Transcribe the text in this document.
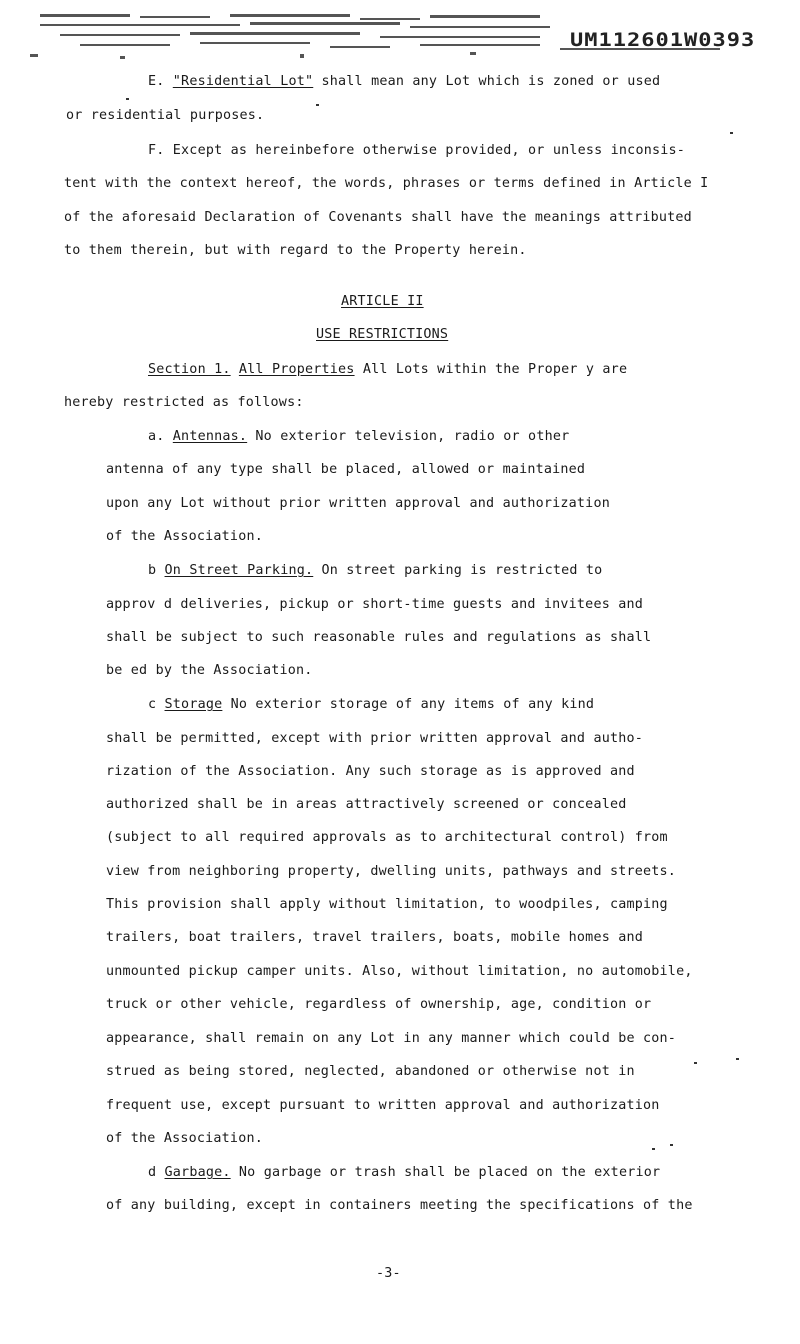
UM112601W0393
E. "Residential Lot" shall mean any Lot which is zoned or used
or residential purposes.
F. Except as hereinbefore otherwise provided, or unless inconsis-
tent with the context hereof, the words, phrases or terms defined in Article I
of the aforesaid Declaration of Covenants shall have the meanings attributed
to them therein, but with regard to the Property herein.
ARTICLE II
USE RESTRICTIONS
Section 1. All Properties All Lots within the Proper y are
hereby restricted as follows:
a. Antennas. No exterior television, radio or other
antenna of any type shall be placed, allowed or maintained
upon any Lot without prior written approval and authorization
of the Association.
b On Street Parking. On street parking is restricted to
approv d deliveries, pickup or short-time guests and invitees and
shall be subject to such reasonable rules and regulations as shall
be ed by the Association.
c Storage No exterior storage of any items of any kind
shall be permitted, except with prior written approval and autho-
rization of the Association. Any such storage as is approved and
authorized shall be in areas attractively screened or concealed
(subject to all required approvals as to architectural control) from
view from neighboring property, dwelling units, pathways and streets.
This provision shall apply without limitation, to woodpiles, camping
trailers, boat trailers, travel trailers, boats, mobile homes and
unmounted pickup camper units. Also, without limitation, no automobile,
truck or other vehicle, regardless of ownership, age, condition or
appearance, shall remain on any Lot in any manner which could be con-
strued as being stored, neglected, abandoned or otherwise not in
frequent use, except pursuant to written approval and authorization
of the Association.
d Garbage. No garbage or trash shall be placed on the exterior
of any building, except in containers meeting the specifications of the
-3-
